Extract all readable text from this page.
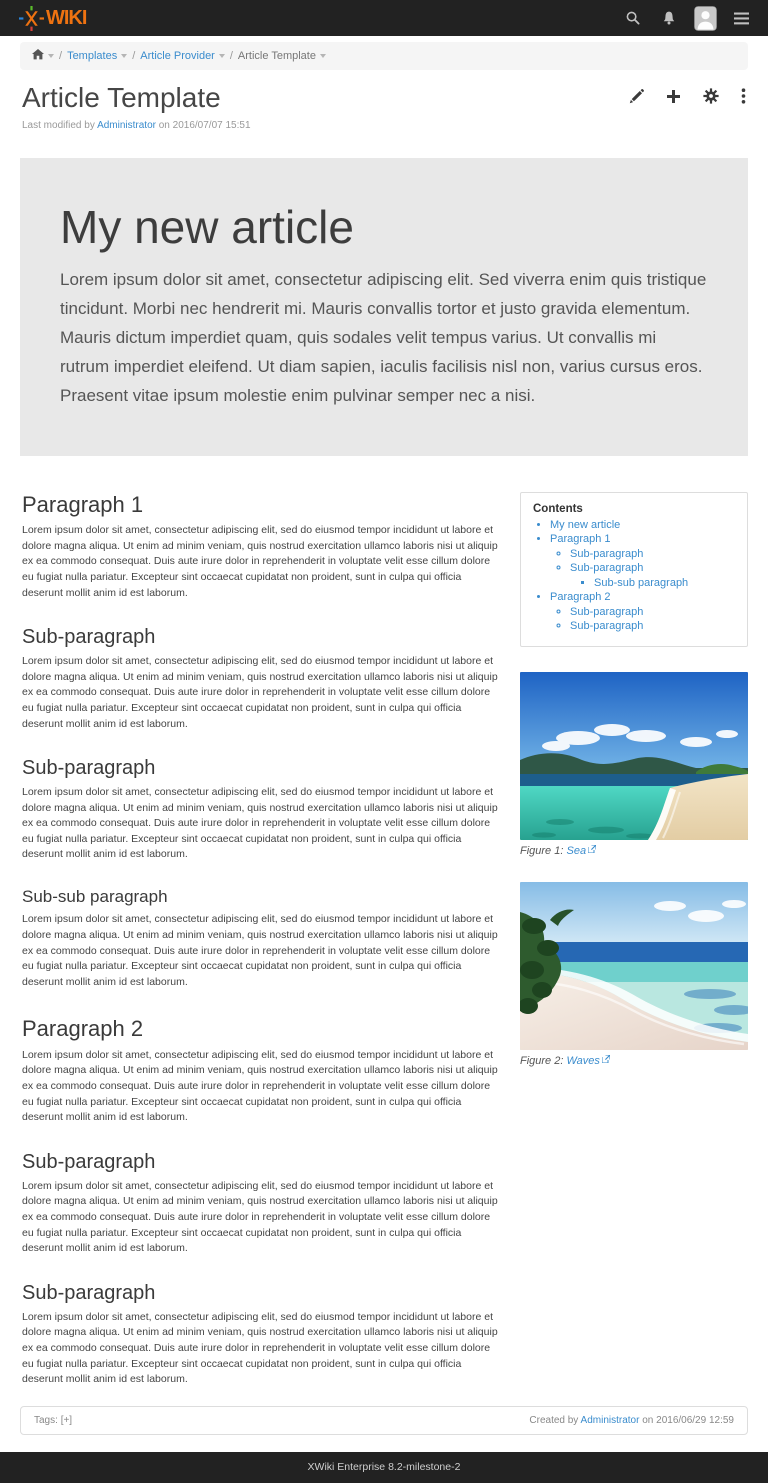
WIKI
/ Templates / Article Provider / Article Template
Article Template
Last modified by Administrator on 2016/07/07 15:51
My new article

Lorem ipsum dolor sit amet, consectetur adipiscing elit. Sed viverra enim quis tristique tincidunt. Morbi nec hendrerit mi. Mauris convallis tortor et justo gravida elementum. Mauris dictum imperdiet quam, quis sodales velit tempus varius. Ut convallis mi rutrum imperdiet eleifend. Ut diam sapien, iaculis facilisis nisl non, varius cursus eros. Praesent vitae ipsum molestie enim pulvinar semper nec a nisi.

Paragraph 1

Lorem ipsum dolor sit amet, consectetur adipiscing elit, sed do eiusmod tempor incididunt ut labore et dolore magna aliqua. Ut enim ad minim veniam, quis nostrud exercitation ullamco laboris nisi ut aliquip ex ea commodo consequat. Duis aute irure dolor in reprehenderit in voluptate velit esse cillum dolore eu fugiat nulla pariatur. Excepteur sint occaecat cupidatat non proident, sunt in culpa qui officia deserunt mollit anim id est laborum.

Sub-paragraph

Lorem ipsum dolor sit amet, consectetur adipiscing elit, sed do eiusmod tempor incididunt ut labore et dolore magna aliqua. Ut enim ad minim veniam, quis nostrud exercitation ullamco laboris nisi ut aliquip ex ea commodo consequat. Duis aute irure dolor in reprehenderit in voluptate velit esse cillum dolore eu fugiat nulla pariatur. Excepteur sint occaecat cupidatat non proident, sunt in culpa qui officia deserunt mollit anim id est laborum.

Sub-paragraph

Lorem ipsum dolor sit amet, consectetur adipiscing elit, sed do eiusmod tempor incididunt ut labore et dolore magna aliqua. Ut enim ad minim veniam, quis nostrud exercitation ullamco laboris nisi ut aliquip ex ea commodo consequat. Duis aute irure dolor in reprehenderit in voluptate velit esse cillum dolore eu fugiat nulla pariatur. Excepteur sint occaecat cupidatat non proident, sunt in culpa qui officia deserunt mollit anim id est laborum.

Sub-sub paragraph

Lorem ipsum dolor sit amet, consectetur adipiscing elit, sed do eiusmod tempor incididunt ut labore et dolore magna aliqua. Ut enim ad minim veniam, quis nostrud exercitation ullamco laboris nisi ut aliquip ex ea commodo consequat. Duis aute irure dolor in reprehenderit in voluptate velit esse cillum dolore eu fugiat nulla pariatur. Excepteur sint occaecat cupidatat non proident, sunt in culpa qui officia deserunt mollit anim id est laborum.

Paragraph 2

Lorem ipsum dolor sit amet, consectetur adipiscing elit, sed do eiusmod tempor incididunt ut labore et dolore magna aliqua. Ut enim ad minim veniam, quis nostrud exercitation ullamco laboris nisi ut aliquip ex ea commodo consequat. Duis aute irure dolor in reprehenderit in voluptate velit esse cillum dolore eu fugiat nulla pariatur. Excepteur sint occaecat cupidatat non proident, sunt in culpa qui officia deserunt mollit anim id est laborum.

Sub-paragraph

Lorem ipsum dolor sit amet, consectetur adipiscing elit, sed do eiusmod tempor incididunt ut labore et dolore magna aliqua. Ut enim ad minim veniam, quis nostrud exercitation ullamco laboris nisi ut aliquip ex ea commodo consequat. Duis aute irure dolor in reprehenderit in voluptate velit esse cillum dolore eu fugiat nulla pariatur. Excepteur sint occaecat cupidatat non proident, sunt in culpa qui officia deserunt mollit anim id est laborum.

Sub-paragraph

Lorem ipsum dolor sit amet, consectetur adipiscing elit, sed do eiusmod tempor incididunt ut labore et dolore magna aliqua. Ut enim ad minim veniam, quis nostrud exercitation ullamco laboris nisi ut aliquip ex ea commodo consequat. Duis aute irure dolor in reprehenderit in voluptate velit esse cillum dolore eu fugiat nulla pariatur. Excepteur sint occaecat cupidatat non proident, sunt in culpa qui officia deserunt mollit anim id est laborum.

Contents
• My new article
• Paragraph 1
◦ Sub-paragraph
◦ Sub-paragraph
▪ Sub-sub paragraph
• Paragraph 2
◦ Sub-paragraph
◦ Sub-paragraph
Figure 1: Sea
Figure 2: Waves
Tags: [+]	Created by Administrator on 2016/06/29 12:59
XWiki Enterprise 8.2-milestone-2
